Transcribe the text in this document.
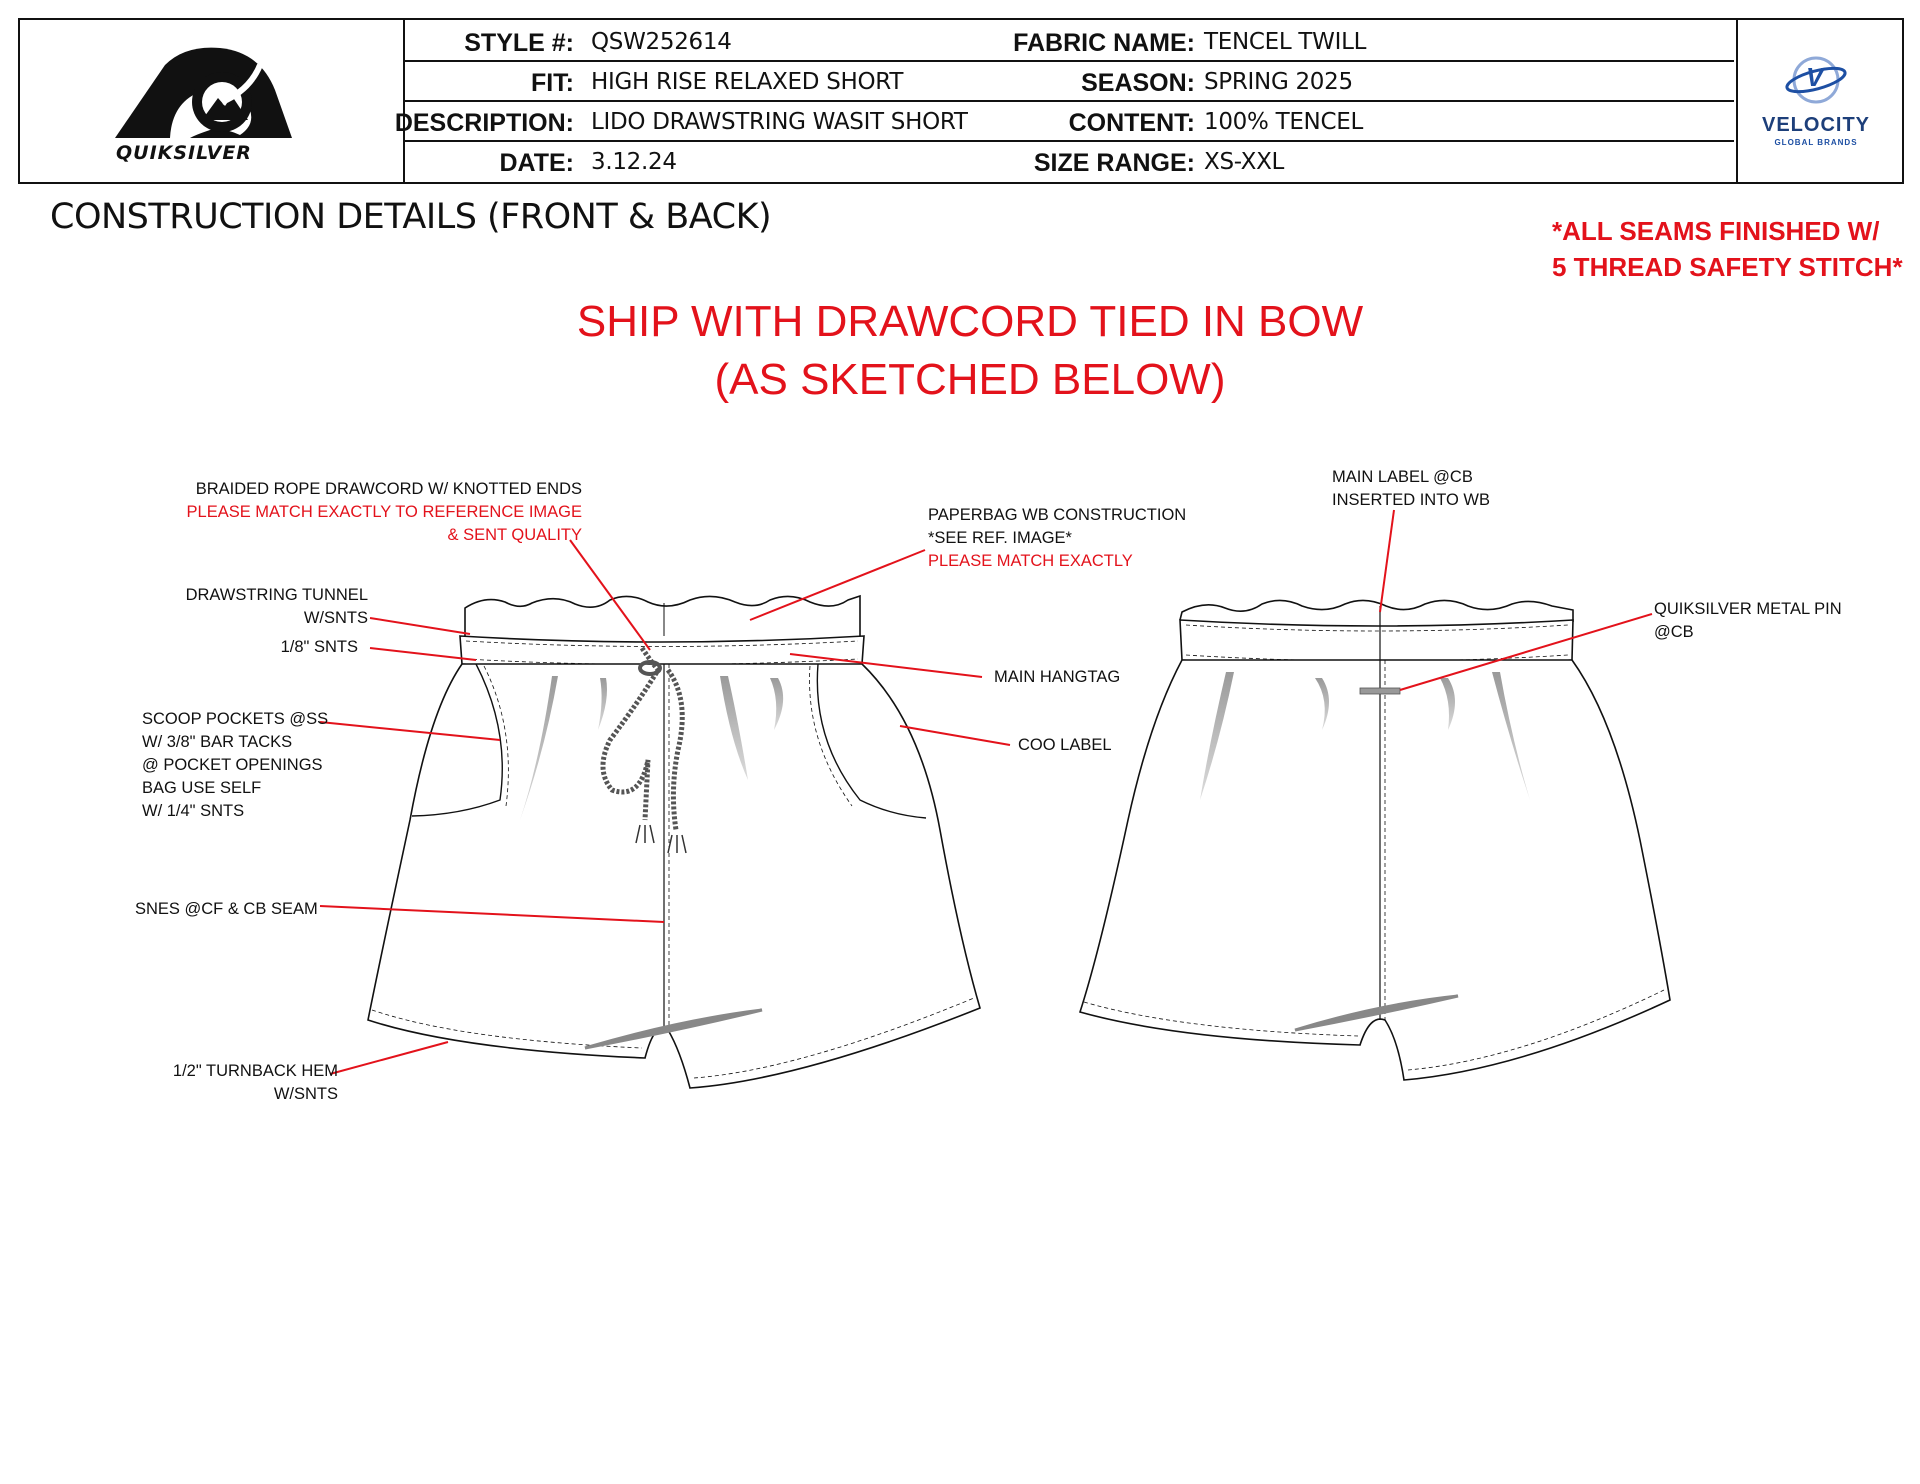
QUIKSILVER
STYLE #: QSW252614	FABRIC NAME: TENCEL TWILL
FIT: HIGH RISE RELAXED SHORT	SEASON: SPRING 2025
DESCRIPTION: LIDO DRAWSTRING WASIT SHORT	CONTENT: 100% TENCEL
DATE: 3.12.24	SIZE RANGE: XS-XXL
V
VELOCITY
GLOBAL BRANDS
CONSTRUCTION DETAILS (FRONT & BACK)	*ALL SEAMS FINISHED W/
5 THREAD SAFETY STITCH*
SHIP WITH DRAWCORD TIED IN BOW
(AS SKETCHED BELOW)
BRAIDED ROPE DRAWCORD W/ KNOTTED ENDS
PLEASE MATCH EXACTLY TO REFERENCE IMAGE
& SENT QUALITY
PAPERBAG WB CONSTRUCTION
*SEE REF. IMAGE*
PLEASE MATCH EXACTLY
DRAWSTRING TUNNEL
W/SNTS
1/8" SNTS
SCOOP POCKETS @SS
W/ 3/8" BAR TACKS
@ POCKET OPENINGS
BAG USE SELF
W/ 1/4" SNTS
SNES @CF & CB SEAM
1/2" TURNBACK HEM
W/SNTS
MAIN HANGTAG
COO LABEL
MAIN LABEL @CB
INSERTED INTO WB
QUIKSILVER METAL PIN
@CB
